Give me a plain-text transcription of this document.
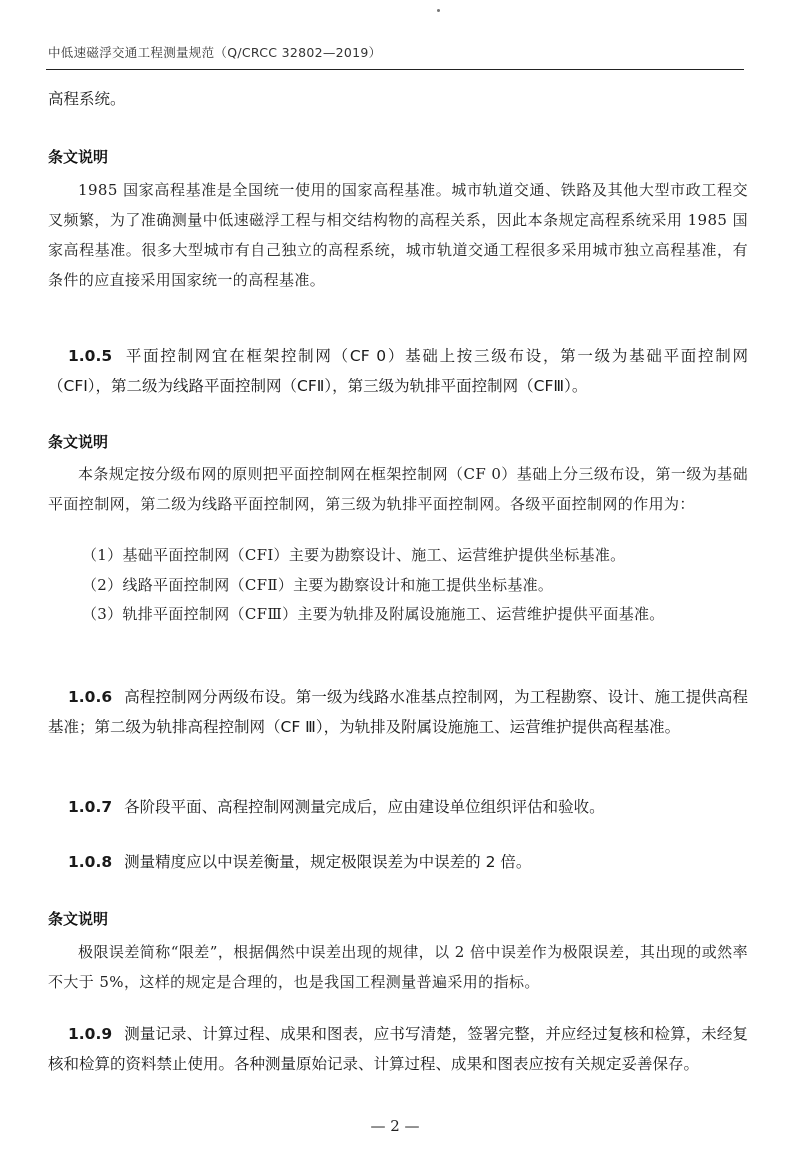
中低速磁浮交通工程测量规范（Q/CRCC 32802—2019）
高程系统。
条文说明
1985 国家高程基准是全国统一使用的国家高程基准。城市轨道交通、铁路及其他大型市政工程交叉频繁，为了准确测量中低速磁浮工程与相交结构物的高程关系，因此本条规定高程系统采用 1985 国家高程基准。很多大型城市有自己独立的高程系统，城市轨道交通工程很多采用城市独立高程基准，有条件的应直接采用国家统一的高程基准。
1.0.5 平面控制网宜在框架控制网（CF 0）基础上按三级布设，第一级为基础平面控制网（CFⅠ），第二级为线路平面控制网（CFⅡ），第三级为轨排平面控制网（CFⅢ）。
条文说明
本条规定按分级布网的原则把平面控制网在框架控制网（CF 0）基础上分三级布设，第一级为基础平面控制网，第二级为线路平面控制网，第三级为轨排平面控制网。各级平面控制网的作用为：
（1）基础平面控制网（CFⅠ）主要为勘察设计、施工、运营维护提供坐标基准。
（2）线路平面控制网（CFⅡ）主要为勘察设计和施工提供坐标基准。
（3）轨排平面控制网（CFⅢ）主要为轨排及附属设施施工、运营维护提供平面基准。
1.0.6 高程控制网分两级布设。第一级为线路水准基点控制网，为工程勘察、设计、施工提供高程基准；第二级为轨排高程控制网（CF Ⅲ），为轨排及附属设施施工、运营维护提供高程基准。
1.0.7 各阶段平面、高程控制网测量完成后，应由建设单位组织评估和验收。
1.0.8 测量精度应以中误差衡量，规定极限误差为中误差的 2 倍。
条文说明
极限误差简称“限差”，根据偶然中误差出现的规律，以 2 倍中误差作为极限误差，其出现的或然率不大于 5%，这样的规定是合理的，也是我国工程测量普遍采用的指标。
1.0.9 测量记录、计算过程、成果和图表，应书写清楚，签署完整，并应经过复核和检算，未经复核和检算的资料禁止使用。各种测量原始记录、计算过程、成果和图表应按有关规定妥善保存。
— 2 —
